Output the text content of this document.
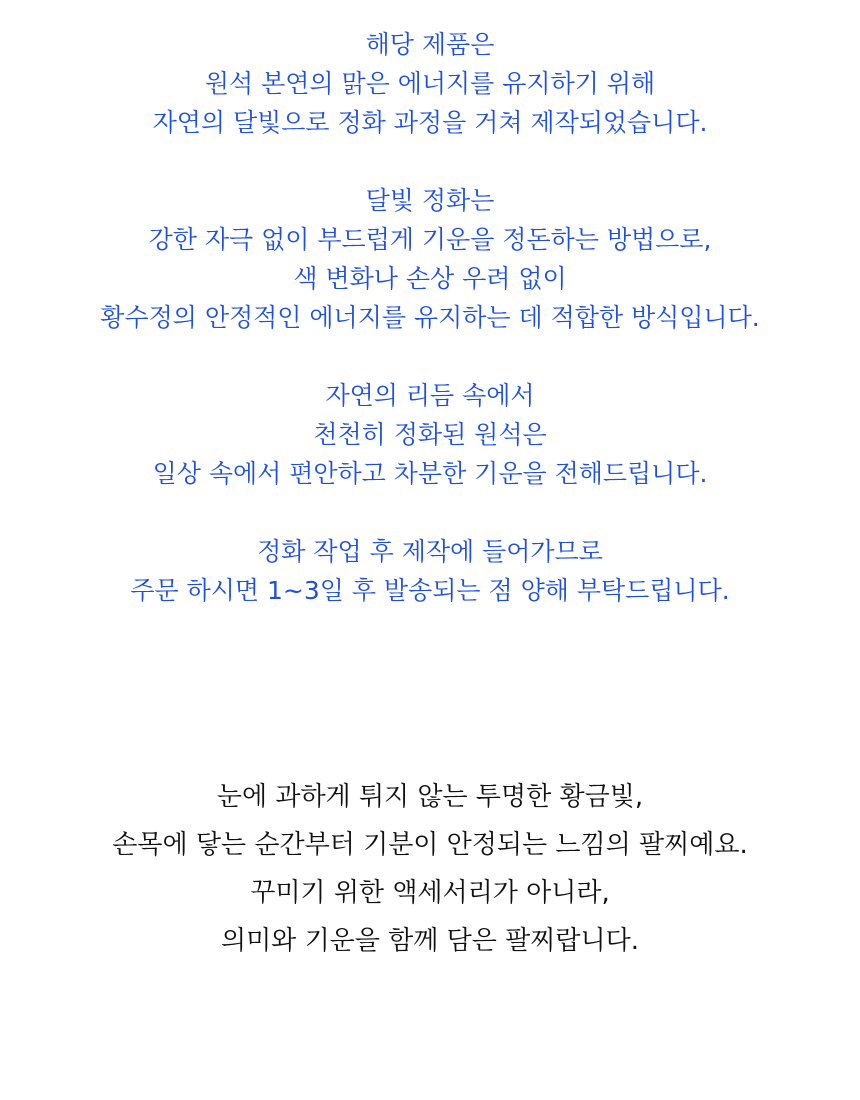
해당 제품은
원석 본연의 맑은 에너지를 유지하기 위해
자연의 달빛으로 정화 과정을 거쳐 제작되었습니다.

달빛 정화는
강한 자극 없이 부드럽게 기운을 정돈하는 방법으로,
색 변화나 손상 우려 없이
황수정의 안정적인 에너지를 유지하는 데 적합한 방식입니다.

자연의 리듬 속에서
천천히 정화된 원석은
일상 속에서 편안하고 차분한 기운을 전해드립니다.

정화 작업 후 제작에 들어가므로
주문 하시면 1~3일 후 발송되는 점 양해 부탁드립니다.

눈에 과하게 튀지 않는 투명한 황금빛,
손목에 닿는 순간부터 기분이 안정되는 느낌의 팔찌예요.
꾸미기 위한 액세서리가 아니라,
의미와 기운을 함께 담은 팔찌랍니다.
